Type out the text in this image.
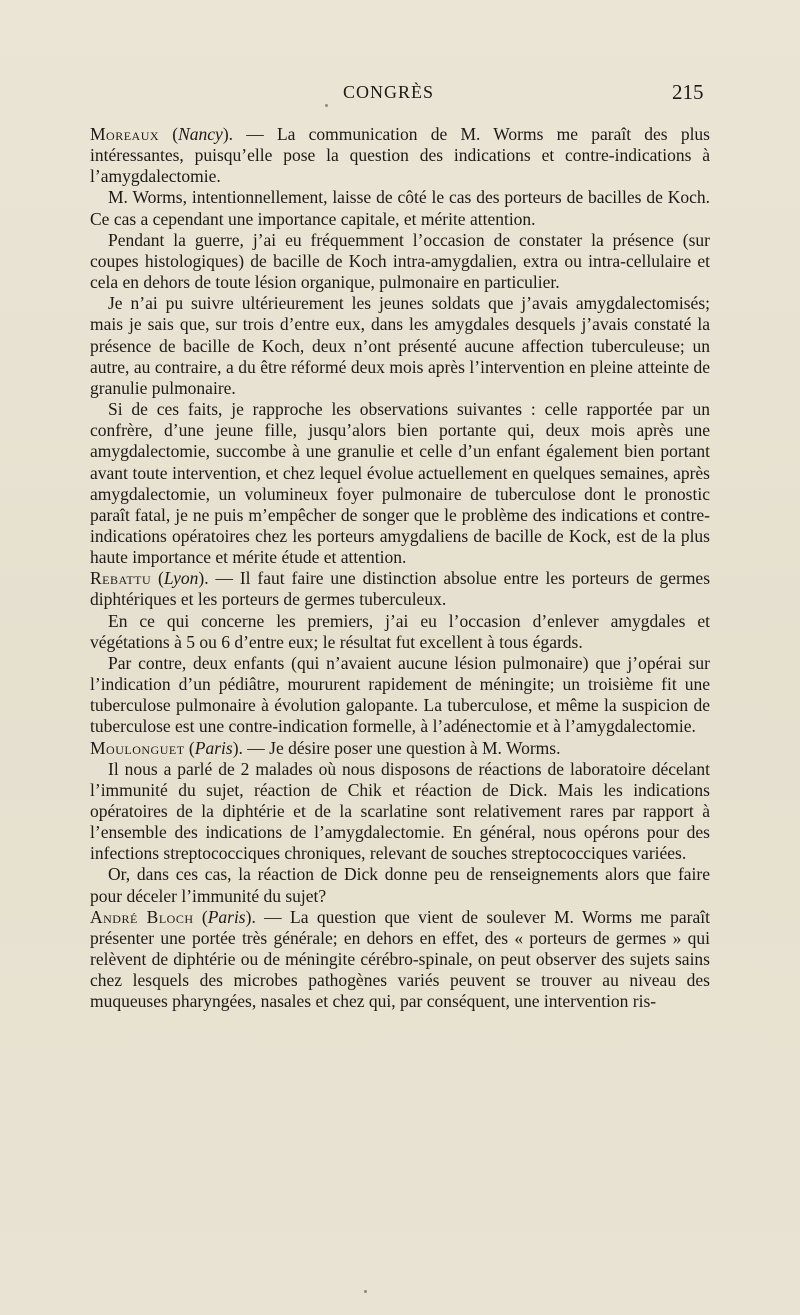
CONGRÈS	215

Moreaux (Nancy). — La communication de M. Worms me paraît des plus intéressantes, puisqu’elle pose la question des indications et contre-indications à l’amygdalectomie.

M. Worms, intentionnellement, laisse de côté le cas des porteurs de bacilles de Koch. Ce cas a cependant une importance capitale, et mérite attention.

Pendant la guerre, j’ai eu fréquemment l’occasion de constater la présence (sur coupes histologiques) de bacille de Koch intra-amygdalien, extra ou intra-cellulaire et cela en dehors de toute lésion organique, pulmonaire en particulier.

Je n’ai pu suivre ultérieurement les jeunes soldats que j’avais amygdalectomisés; mais je sais que, sur trois d’entre eux, dans les amygdales desquels j’avais constaté la présence de bacille de Koch, deux n’ont présenté aucune affection tuberculeuse; un autre, au contraire, a du être réformé deux mois après l’intervention en pleine atteinte de granulie pulmonaire.

Si de ces faits, je rapproche les observations suivantes : celle rapportée par un confrère, d’une jeune fille, jusqu’alors bien portante qui, deux mois après une amygdalectomie, succombe à une granulie et celle d’un enfant également bien portant avant toute intervention, et chez lequel évolue actuellement en quelques semaines, après amygdalectomie, un volumineux foyer pulmonaire de tuberculose dont le pronostic paraît fatal, je ne puis m’empêcher de songer que le problème des indications et contre-indications opératoires chez les porteurs amygdaliens de bacille de Kock, est de la plus haute importance et mérite étude et attention.

Rebattu (Lyon). — Il faut faire une distinction absolue entre les porteurs de germes diphtériques et les porteurs de germes tuberculeux.

En ce qui concerne les premiers, j’ai eu l’occasion d’enlever amygdales et végétations à 5 ou 6 d’entre eux; le résultat fut excellent à tous égards.

Par contre, deux enfants (qui n’avaient aucune lésion pulmonaire) que j’opérai sur l’indication d’un pédiâtre, moururent rapidement de méningite; un troisième fit une tuberculose pulmonaire à évolution galopante. La tuberculose, et même la suspicion de tuberculose est une contre-indication formelle, à l’adénectomie et à l’amygdalectomie.

Moulonguet (Paris). — Je désire poser une question à M. Worms.

Il nous a parlé de 2 malades où nous disposons de réactions de laboratoire décelant l’immunité du sujet, réaction de Chik et réaction de Dick. Mais les indications opératoires de la diphtérie et de la scarlatine sont relativement rares par rapport à l’ensemble des indications de l’amygdalectomie. En général, nous opérons pour des infections streptococciques chroniques, relevant de souches streptococciques variées.

Or, dans ces cas, la réaction de Dick donne peu de renseignements alors que faire pour déceler l’immunité du sujet?

André Bloch (Paris). — La question que vient de soulever M. Worms me paraît présenter une portée très générale; en dehors en effet, des « porteurs de germes » qui relèvent de diphtérie ou de méningite cérébro-spinale, on peut observer des sujets sains chez lesquels des microbes pathogènes variés peuvent se trouver au niveau des muqueuses pharyngées, nasales et chez qui, par conséquent, une intervention ris-
